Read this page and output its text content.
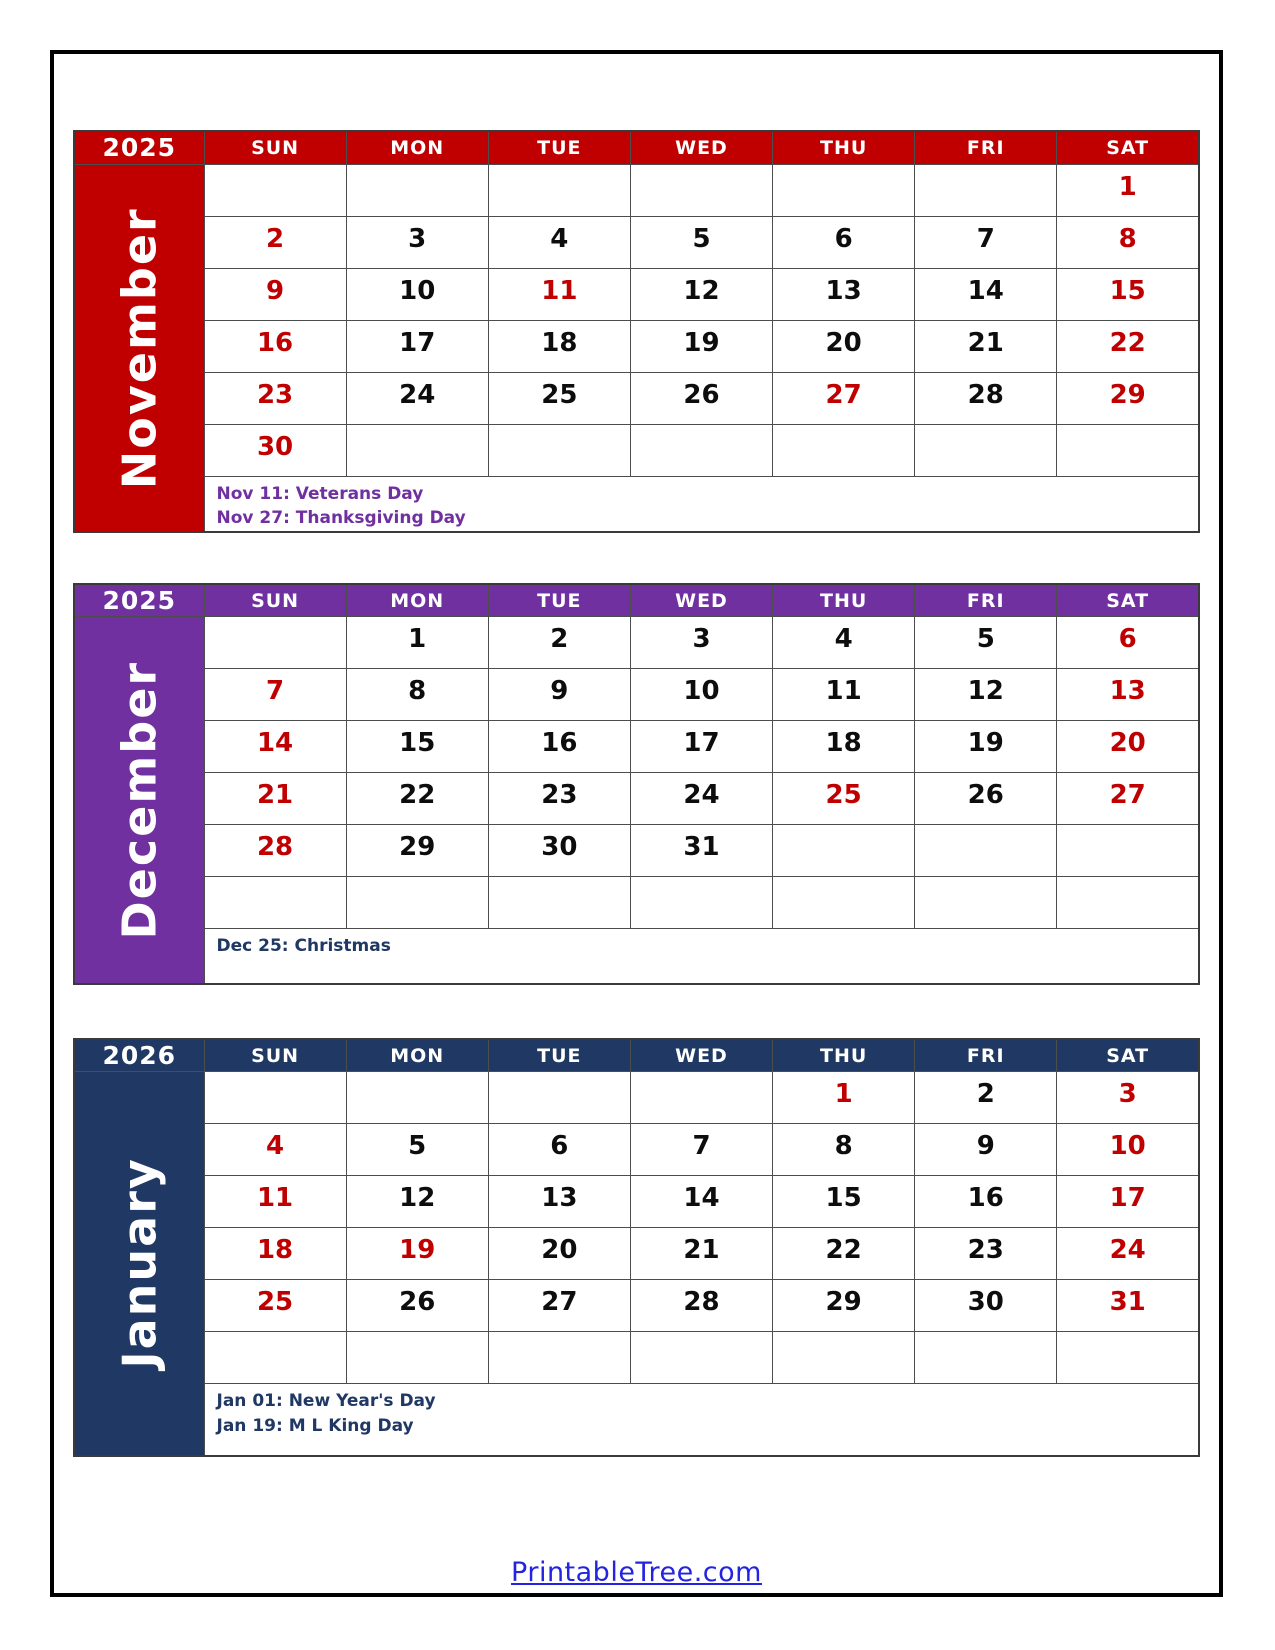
2025	SUN	MON	TUE	WED	THU	FRI	SAT

November							1
	2	3	4	5	6	7	8
	9	10	11	12	13	14	15
	16	17	18	19	20	21	22
	23	24	25	26	27	28	29
	30						

	Nov 11: Veterans Day
Nov 27: Thanksgiving Day						
2025	SUN	MON	TUE	WED	THU	FRI	SAT

December		1	2	3	4	5	6
	7	8	9	10	11	12	13
	14	15	16	17	18	19	20
	21	22	23	24	25	26	27
	28	29	30	31			

	Dec 25: Christmas						
2026	SUN	MON	TUE	WED	THU	FRI	SAT

January					1	2	3
	4	5	6	7	8	9	10
	11	12	13	14	15	16	17
	18	19	20	21	22	23	24
	25	26	27	28	29	30	31

	Jan 01: New Year's Day
Jan 19: M L King Day						
PrintableTree.com
